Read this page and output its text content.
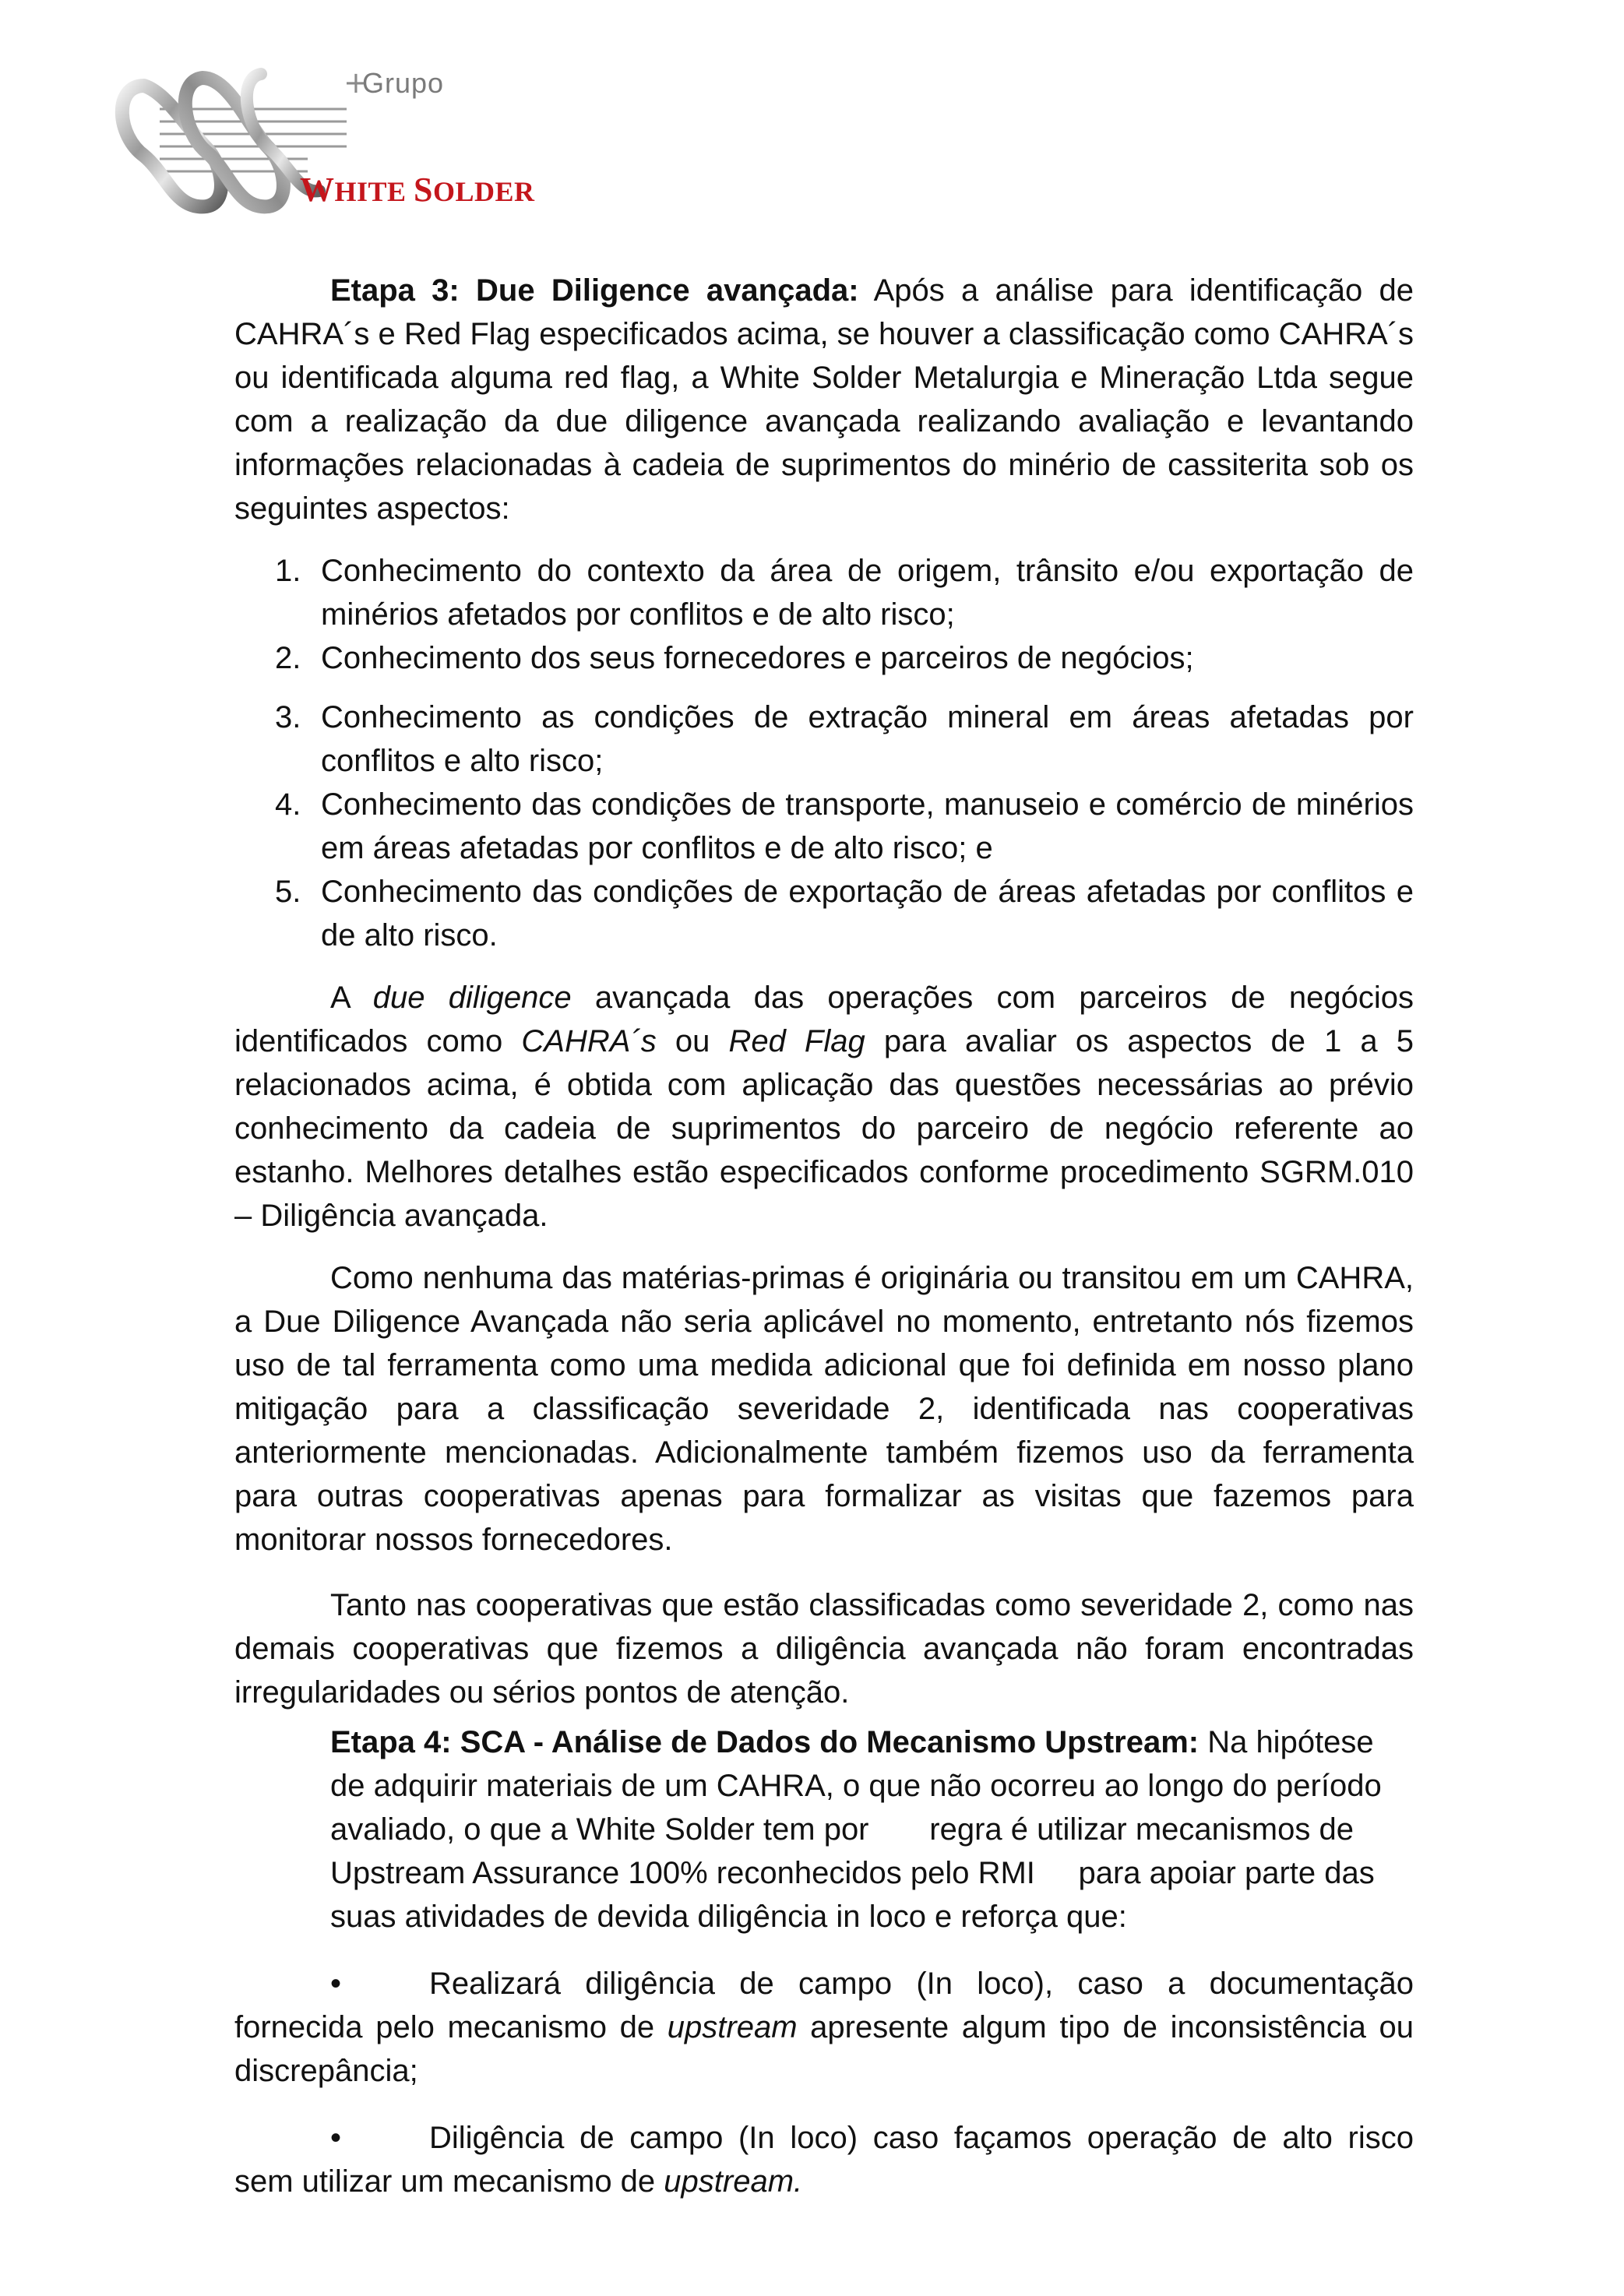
+
Grupo
WHITE SOLDER

Etapa 3: Due Diligence avançada: Após a análise para identificação de CAHRA´s e Red Flag especificados acima, se houver a classificação como CAHRA´s ou identificada alguma red flag, a White Solder Metalurgia e Mineração Ltda segue com a realização da due diligence avançada realizando avaliação e levantando informações relacionadas à cadeia de suprimentos do minério de cassiterita sob os seguintes aspectos:

1. Conhecimento do contexto da área de origem, trânsito e/ou exportação de minérios afetados por conflitos e de alto risco;
2. Conhecimento dos seus fornecedores e parceiros de negócios;
3. Conhecimento as condições de extração mineral em áreas afetadas por conflitos e alto risco;
4. Conhecimento das condições de transporte, manuseio e comércio de minérios em áreas afetadas por conflitos e de alto risco; e
5. Conhecimento das condições de exportação de áreas afetadas por conflitos e de alto risco.

A due diligence avançada das operações com parceiros de negócios identificados como CAHRA´s ou Red Flag para avaliar os aspectos de 1 a 5 relacionados acima, é obtida com aplicação das questões necessárias ao prévio conhecimento da cadeia de suprimentos do parceiro de negócio referente ao estanho. Melhores detalhes estão especificados conforme procedimento SGRM.010 – Diligência avançada.

Como nenhuma das matérias-primas é originária ou transitou em um CAHRA, a Due Diligence Avançada não seria aplicável no momento, entretanto nós fizemos uso de tal ferramenta como uma medida adicional que foi definida em nosso plano mitigação para a classificação severidade 2, identificada nas cooperativas anteriormente mencionadas. Adicionalmente também fizemos uso da ferramenta para outras cooperativas apenas para formalizar as visitas que fazemos para monitorar nossos fornecedores.

Tanto nas cooperativas que estão classificadas como severidade 2, como nas demais cooperativas que fizemos a diligência avançada não foram encontradas irregularidades ou sérios pontos de atenção.

Etapa 4: SCA - Análise de Dados do Mecanismo Upstream: Na hipótese de adquirir materiais de um CAHRA, o que não ocorreu ao longo do período avaliado, o que a White Solder tem por       regra é utilizar mecanismos de Upstream Assurance 100% reconhecidos pelo RMI     para apoiar parte das suas atividades de devida diligência in loco e reforça que:

•	Realizará diligência de campo (In loco), caso a documentação fornecida pelo mecanismo de upstream apresente algum tipo de inconsistência ou discrepância;

•	Diligência de campo (In loco) caso façamos operação de alto risco sem utilizar um mecanismo de upstream.
